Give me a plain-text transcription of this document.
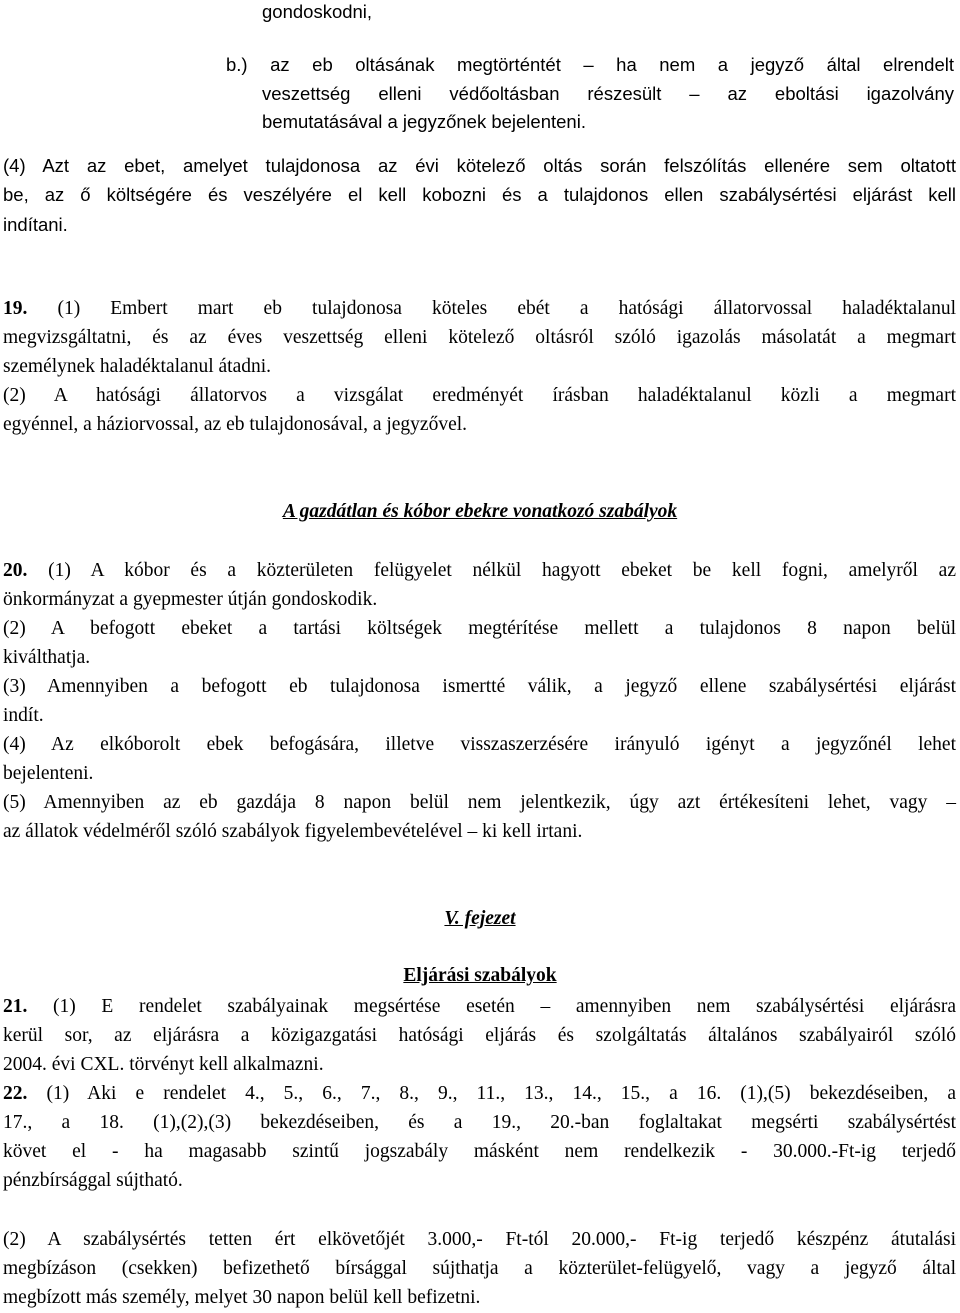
gondoskodni,
b.) az eb oltásának megtörténtét – ha nem a jegyző által elrendelt
veszettség elleni védőoltásban részesült – az eboltási igazolvány
bemutatásával a jegyzőnek bejelenteni.
(4) Azt az ebet, amelyet tulajdonosa az évi kötelező oltás során felszólítás ellenére sem oltatott
be, az ő költségére és veszélyére el kell kobozni és a tulajdonos ellen szabálysértési eljárást kell
indítani.
19. (1) Embert mart eb tulajdonosa köteles ebét a hatósági állatorvossal haladéktalanul
megvizsgáltatni, és az éves veszettség elleni kötelező oltásról szóló igazolás másolatát a megmart
személynek haladéktalanul átadni.
(2) A hatósági állatorvos a vizsgálat eredményét írásban haladéktalanul közli a megmart
egyénnel, a háziorvossal, az eb tulajdonosával, a jegyzővel.
A gazdátlan és kóbor ebekre vonatkozó szabályok
20. (1) A kóbor és a közterületen felügyelet nélkül hagyott ebeket be kell fogni, amelyről az
önkormányzat a gyepmester útján gondoskodik.
(2) A befogott ebeket a tartási költségek megtérítése mellett a tulajdonos 8 napon belül
kiválthatja.
(3) Amennyiben a befogott eb tulajdonosa ismertté válik, a jegyző ellene szabálysértési eljárást
indít.
(4) Az elkóborolt ebek befogására, illetve visszaszerzésére irányuló igényt a jegyzőnél lehet
bejelenteni.
(5) Amennyiben az eb gazdája 8 napon belül nem jelentkezik, úgy azt értékesíteni lehet, vagy –
az állatok védelméről szóló szabályok figyelembevételével – ki kell irtani.
V. fejezet
Eljárási szabályok
21. (1) E rendelet szabályainak megsértése esetén – amennyiben nem szabálysértési eljárásra
kerül sor, az eljárásra a közigazgatási hatósági eljárás és szolgáltatás általános szabályairól szóló
2004. évi CXL. törvényt kell alkalmazni.
22. (1) Aki e rendelet 4., 5., 6., 7., 8., 9., 11., 13., 14., 15., a 16. (1),(5) bekezdéseiben, a
17., a 18. (1),(2),(3) bekezdéseiben, és a 19., 20.-ban foglaltakat megsérti szabálysértést
követ el - ha magasabb szintű jogszabály másként nem rendelkezik - 30.000.-Ft-ig terjedő
pénzbírsággal sújtható.
(2) A szabálysértés tetten ért elkövetőjét 3.000,- Ft-tól 20.000,- Ft-ig terjedő készpénz átutalási
megbízáson (csekken) befizethető bírsággal sújthatja a közterület-felügyelő, vagy a jegyző által
megbízott más személy, melyet 30 napon belül kell befizetni.
